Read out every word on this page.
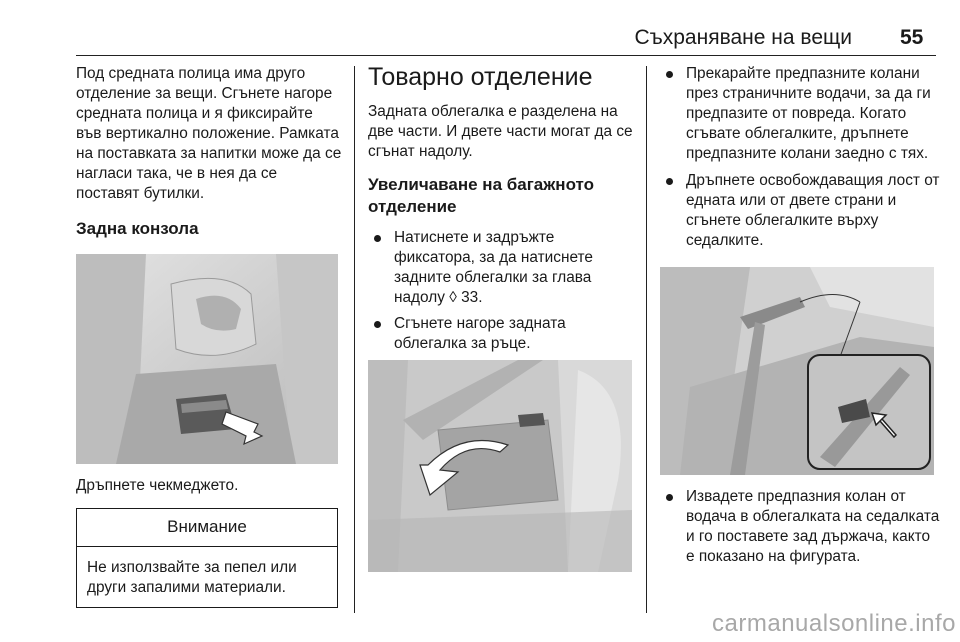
Съхраняване на вещи 55

Под средната полица има друго отделение за вещи. Сгънете нагоре средната полица и я фиксирайте във вертикално положение. Рамката на поставката за напитки може да се нагласи така, че в нея да се поставят бутилки.

Задна конзола

Дръпнете чекмеджето.

Внимание
Не използвайте за пепел или други запалими материали.
Товарно отделение

Задната облегалка е разделена на две части. И двете части могат да се сгънат надолу.

Увеличаване на багажното отделение
Натиснете и задръжте фиксатора, за да натиснете задните облегалки за глава надолу ◊ 33.
Сгънете нагоре задната облегалка за ръце.
Прекарайте предпазните колани през страничните водачи, за да ги предпазите от повреда. Когато сгъвате облегалките, дръпнете предпазните колани заедно с тях.
Дръпнете освобождаващия лост от едната или от двете страни и сгънете облегалките върху седалките.
Извадете предпазния колан от водача в облегалката на седалката и го поставете зад държача, както е показано на фигурата.
carmanualsonline.info
